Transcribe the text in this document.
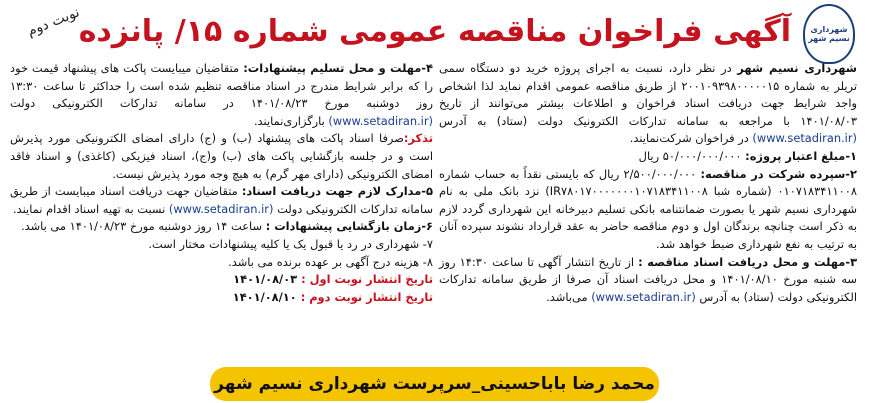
شهرداری نسیم شهر
آگهی فراخوان مناقصه عمومی شماره ۱۵/ پانزده
نوبت دوم

شهرداری نسیم شهر در نظر دارد، نسبت به اجرای پروژه خرید دو دستگاه سمی تریلر به شماره ۲۰۰۱۰۹۳۹۸۰۰۰۰۰۱۵ از طریق مناقصه عمومی اقدام نماید لذا اشخاص واجد شرایط جهت دریافت اسناد فراخوان و اطلاعات بیشتر می‌توانند از تاریخ ۱۴۰۱/۰۸/۰۳ با مراجعه به سامانه تدارکات الکترونیک دولت (ستاد) به آدرس (www.setadiran.ir) در فراخوان شرکت‌نمایند.

۱-مبلغ اعتبار پروژه: ۵۰/۰۰۰/۰۰۰/۰۰۰ ریال

۲-سپرده شرکت در مناقصه: ۲/۵۰۰/۰۰۰/۰۰۰ ریال که بایستی نقداً به حساب شماره ۰۱۰۷۱۸۳۴۱۱۰۰۸ (شماره شبا IR۷۸۰۱۷۰۰۰۰۰۰۰۱۰۷۱۸۳۴۱۱۰۰۸) نزد بانک ملی به نام شهرداری نسیم شهر یا بصورت ضمانتنامه بانکی تسلیم دبیرخانه این شهرداری گردد لازم به ذکر است چنانچه برندگان اول و دوم مناقصه حاضر به عقد قرارداد نشوند سپرده آنان به ترتیب به نفع شهرداری ضبط خواهد شد.

۳-مهلت و محل دریافت اسناد مناقصه : از تاریخ انتشار آگهی تا ساعت ۱۴:۳۰ روز سه شنبه مورخ ۱۴۰۱/۰۸/۱۰ و محل دریافت اسناد آن صرفا از طریق سامانه تدارکات الکترونیکی دولت (ستاد) به آدرس (www.setadiran.ir) می‌باشد.

۴-مهلت و محل تسلیم پیشنهادات: متقاضیان میبایست پاکت های پیشنهاد قیمت خود را که برابر شرایط مندرج در اسناد مناقصه تنظیم شده است را حداکثر تا ساعت ۱۳:۳۰ روز دوشنبه مورخ ۱۴۰۱/۰۸/۲۳ در سامانه تدارکات الکترونیکی دولت (www.setadiran.ir) بارگزاری‌نمایند.

تذکر:صرفا اسناد پاکت های پیشنهاد (ب) و (ج) دارای امضای الکترونیکی مورد پذیرش است و در جلسه بازگشایی پاکت های (ب) و(ج)، اسناد فیزیکی (کاغذی) و اسناد فاقد امضای الکترونیکی (دارای مهر گرم) به هیچ وجه مورد پذیرش نیست.

۵-مدارک لازم جهت دریافت اسناد: متقاضیان جهت دریافت اسناد میبایست از طریق سامانه تدارکات الکترونیکی دولت (www.setadiran.ir) نسبت به تهیه اسناد اقدام نمایند.

۶-زمان بازگشایی پیشنهادات : ساعت ۱۴ روز دوشنبه مورخ ۱۴۰۱/۰۸/۲۳ می باشد.

۷- شهرداری در رد یا قبول یک یا کلیه پیشنهادات مختار است.

۸- هزینه درج آگهی بر عهده برنده می باشد.

تاریخ انتشار نوبت اول : ۱۴۰۱/۰۸/۰۳

تاریخ انتشار نوبت دوم : ۱۴۰۱/۰۸/۱۰

محمد رضا باباحسینی_سرپرست شهرداری نسیم شهر
